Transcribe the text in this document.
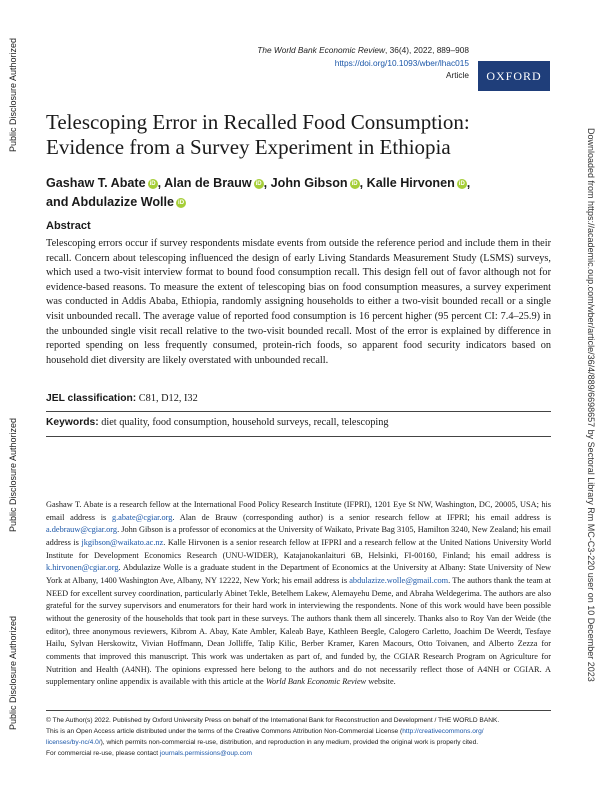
Public Disclosure Authorized
Public Disclosure Authorized
Public Disclosure Authorized	Downloaded from https://academic.oup.com/wber/article/36/4/889/6698657 by Sectoral Library Rm MC-C3-220 user on 10 December 2023
The World Bank Economic Review, 36(4), 2022, 889–908
https://doi.org/10.1093/wber/lhac015
Article	OXFORD
Telescoping Error in Recalled Food Consumption:
Evidence from a Survey Experiment in Ethiopia
Gashaw T. Abate iD , Alan de Brauw iD , John Gibson iD , Kalle Hirvonen iD ,
and Abdulazize Wolle iD
Abstract

Telescoping errors occur if survey respondents misdate events from outside the reference period and include them in their recall. Concern about telescoping influenced the design of early Living Standards Measurement Study (LSMS) surveys, which used a two-visit interview format to bound food consumption recall. This design fell out of favor although not for evidence-based reasons. To measure the extent of telescoping bias on food consumption measures, a survey experiment was conducted in Addis Ababa, Ethiopia, randomly assigning households to either a two-visit bounded recall or a single visit unbounded recall. The average value of reported food consumption is 16 percent higher (95 percent CI: 7.4–25.9) in the unbounded single visit recall relative to the two-visit bounded recall. Most of the error is explained by difference in reported spending on less frequently consumed, protein-rich foods, so apparent food security indicators based on household diet diversity are likely overstated with unbounded recall.

JEL classification: C81, D12, I32
Keywords: diet quality, food consumption, household surveys, recall, telescoping

Gashaw T. Abate is a research fellow at the International Food Policy Research Institute (IFPRI), 1201 Eye St NW, Washington, DC, 20005, USA; his email address is g.abate@cgiar.org. Alan de Brauw (corresponding author) is a senior research fellow at IFPRI; his email address is a.debrauw@cgiar.org. John Gibson is a professor of economics at the University of Waikato, Private Bag 3105, Hamilton 3240, New Zealand; his email address is jkgibson@waikato.ac.nz. Kalle Hirvonen is a senior research fellow at IFPRI and a research fellow at the United Nations University World Institute for Development Economics Research (UNU-WIDER), Katajanokanlaituri 6B, Helsinki, FI-00160, Finland; his email address is k.hirvonen@cgiar.org. Abdulazize Wolle is a graduate student in the Department of Economics at the University at Albany: State University of New York at Albany, 1400 Washington Ave, Albany, NY 12222, New York; his email address is abdulazize.wolle@gmail.com. The authors thank the team at NEED for excellent survey coordination, particularly Abinet Tekle, Betelhem Lakew, Alemayehu Deme, and Abraha Weldegerima. The authors are also grateful for the survey supervisors and enumerators for their hard work in interviewing the respondents. None of this work would have been possible without the generosity of the households that took part in these surveys. The authors thank them all sincerely. Thanks also to Roy Van der Weide (the editor), three anonymous reviewers, Kibrom A. Abay, Kate Ambler, Kaleab Baye, Kathleen Beegle, Calogero Carletto, Joachim De Weerdt, Tesfaye Hailu, Sylvan Herskowitz, Vivian Hoffmann, Dean Jolliffe, Talip Kilic, Berber Kramer, Karen Macours, Otto Toivanen, and Alberto Zezza for comments that improved this manuscript. This work was undertaken as part of, and funded by, the CGIAR Research Program on Agriculture for Nutrition and Health (A4NH). The opinions expressed here belong to the authors and do not necessarily reflect those of A4NH or CGIAR. A supplementary online appendix is available with this article at the World Bank Economic Review website.

© The Author(s) 2022. Published by Oxford University Press on behalf of the International Bank for Reconstruction and Development / THE WORLD BANK.
This is an Open Access article distributed under the terms of the Creative Commons Attribution Non-Commercial License (http://creativecommons.org/
licenses/by-nc/4.0/), which permits non-commercial re-use, distribution, and reproduction in any medium, provided the original work is properly cited.
For commercial re-use, please contact journals.permissions@oup.com
